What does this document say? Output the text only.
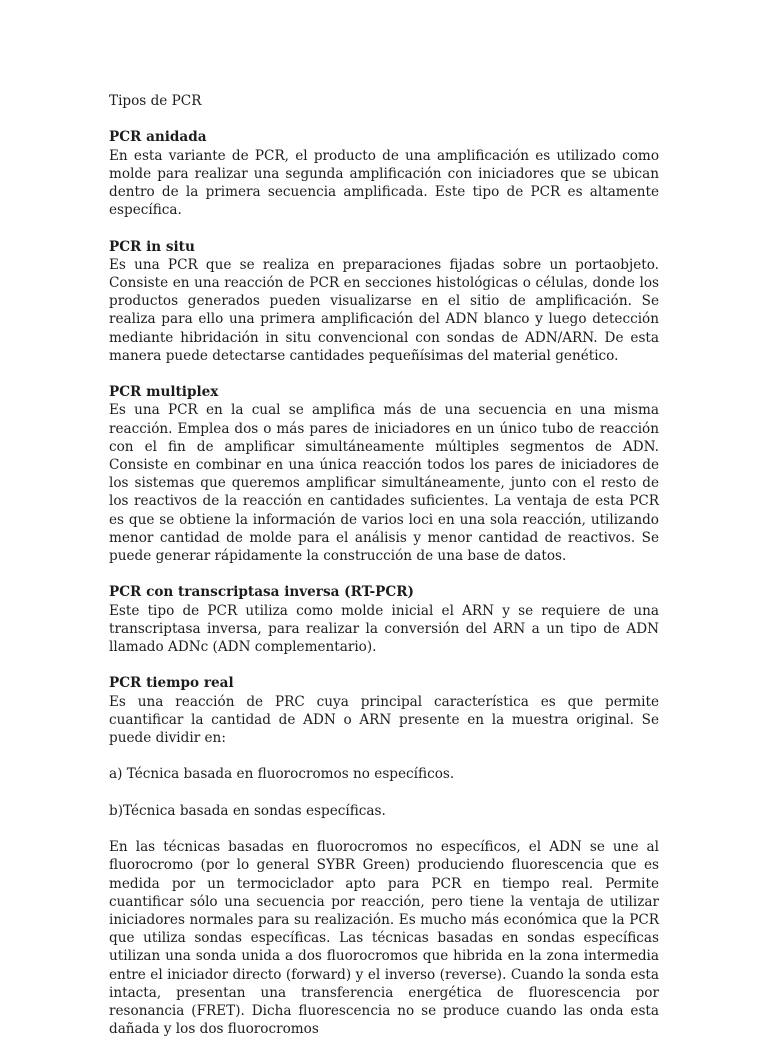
Tipos de PCR

PCR anidada

En esta variante de PCR, el producto de una amplificación es utilizado como molde para realizar una segunda amplificación con iniciadores que se ubican dentro de la primera secuencia amplificada. Este tipo de PCR es altamente específica.

PCR in situ

Es una PCR que se realiza en preparaciones fijadas sobre un portaobjeto. Consiste en una reacción de PCR en secciones histológicas o células, donde los productos generados pueden visualizarse en el sitio de amplificación. Se realiza para ello una primera amplificación del ADN blanco y luego detección mediante hibridación in situ convencional con sondas de ADN/ARN. De esta manera puede detectarse cantidades pequeñísimas del material genético.

PCR multiplex

Es una PCR en la cual se amplifica más de una secuencia en una misma reacción. Emplea dos o más pares de iniciadores en un único tubo de reacción con el fin de amplificar simultáneamente múltiples segmentos de ADN. Consiste en combinar en una única reacción todos los pares de iniciadores de los sistemas que queremos amplificar simultáneamente, junto con el resto de los reactivos de la reacción en cantidades suficientes. La ventaja de esta PCR es que se obtiene la información de varios loci en una sola reacción, utilizando menor cantidad de molde para el análisis y menor cantidad de reactivos. Se puede generar rápidamente la construcción de una base de datos.

PCR con transcriptasa inversa (RT-PCR)

Este tipo de PCR utiliza como molde inicial el ARN y se requiere de una transcriptasa inversa, para realizar la conversión del ARN a un tipo de ADN llamado ADNc (ADN complementario).

PCR tiempo real

Es una reacción de PRC cuya principal característica es que permite cuantificar la cantidad de ADN o ARN presente en la muestra original. Se puede dividir en:

a) Técnica basada en fluorocromos no específicos.

b)Técnica basada en sondas específicas.

En las técnicas basadas en fluorocromos no específicos, el ADN se une al fluorocromo (por lo general SYBR Green) produciendo fluorescencia que es medida por un termociclador apto para PCR en tiempo real. Permite cuantificar sólo una secuencia por reacción, pero tiene la ventaja de utilizar iniciadores normales para su realización. Es mucho más económica que la PCR que utiliza sondas específicas. Las técnicas basadas en sondas específicas utilizan una sonda unida a dos fluorocromos que hibrida en la zona intermedia entre el iniciador directo (forward) y el inverso (reverse). Cuando la sonda esta intacta, presentan una transferencia energética de fluorescencia por resonancia (FRET). Dicha fluorescencia no se produce cuando las onda esta dañada y los dos fluorocromos
